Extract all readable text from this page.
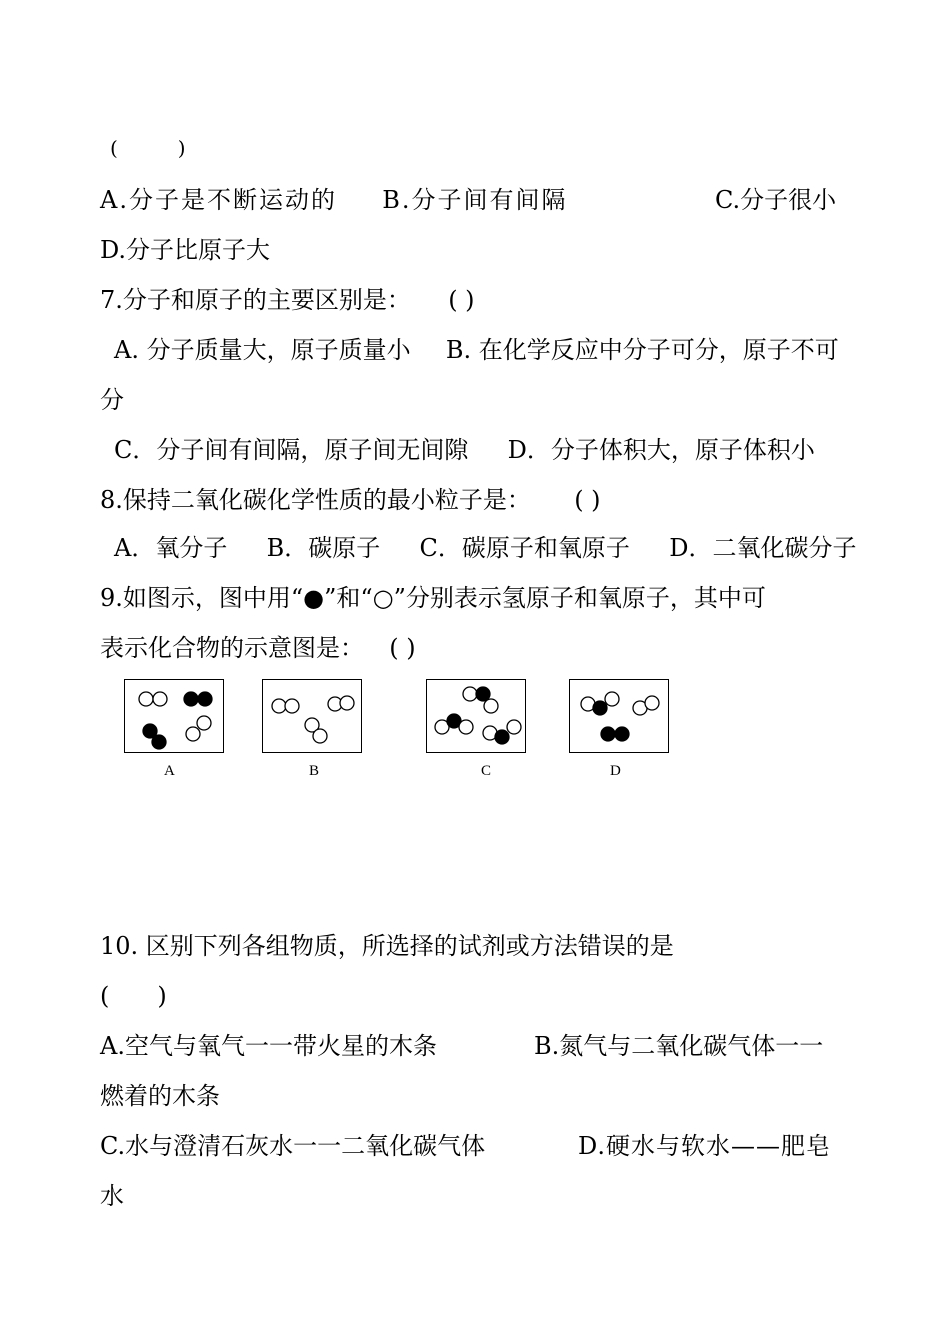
(　　　)
A.分子是不断运动的 B.分子间有间隔	C.分子很小
D.分子比原子大
7.分子和原子的主要区别是： ( )
A. 分子质量大，原子质量小 B. 在化学反应中分子可分，原子不可
分
C．分子间有间隔，原子间无间隙 D．分子体积大，原子体积小
8.保持二氧化碳化学性质的最小粒子是： ( )
A．氧分子 B．碳原子 C．碳原子和氧原子 D．二氧化碳分子
9.如图示，图中用“●”和“○”分别表示氢原子和氧原子，其中可
表示化合物的示意图是： ( )
A	B	C	D
10. 区别下列各组物质，所选择的试剂或方法错误的是
(　　)
A.空气与氧气一一带火星的木条	B.氮气与二氧化碳气体一一
燃着的木条
C.水与澄清石灰水一一二氧化碳气体	D.硬水与软水——肥皂
水
